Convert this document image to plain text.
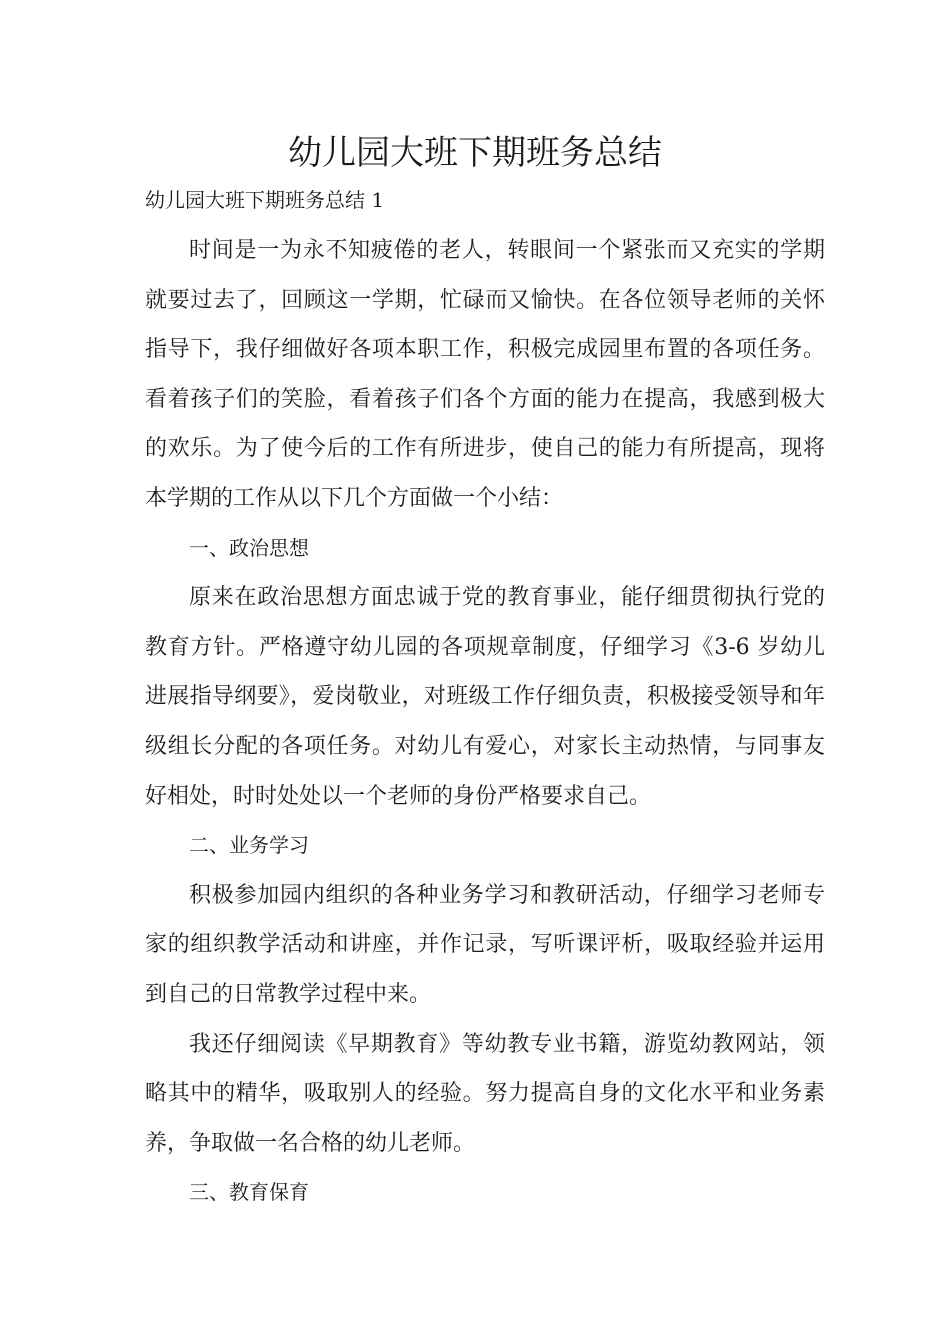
幼儿园大班下期班务总结

幼儿园大班下期班务总结 1

时间是一为永不知疲倦的老人，转眼间一个紧张而又充实的学期就要过去了，回顾这一学期，忙碌而又愉快。在各位领导老师的关怀指导下，我仔细做好各项本职工作，积极完成园里布置的各项任务。看着孩子们的笑脸，看着孩子们各个方面的能力在提高，我感到极大的欢乐。为了使今后的工作有所进步，使自己的能力有所提高，现将本学期的工作从以下几个方面做一个小结：

一、政治思想

原来在政治思想方面忠诚于党的教育事业，能仔细贯彻执行党的教育方针。严格遵守幼儿园的各项规章制度，仔细学习《3-6 岁幼儿进展指导纲要》，爱岗敬业，对班级工作仔细负责，积极接受领导和年级组长分配的各项任务。对幼儿有爱心，对家长主动热情，与同事友好相处，时时处处以一个老师的身份严格要求自己。

二、业务学习

积极参加园内组织的各种业务学习和教研活动，仔细学习老师专家的组织教学活动和讲座，并作记录，写听课评析，吸取经验并运用到自己的日常教学过程中来。

我还仔细阅读《早期教育》等幼教专业书籍，游览幼教网站，领略其中的精华，吸取别人的经验。努力提高自身的文化水平和业务素养，争取做一名合格的幼儿老师。

三、教育保育
